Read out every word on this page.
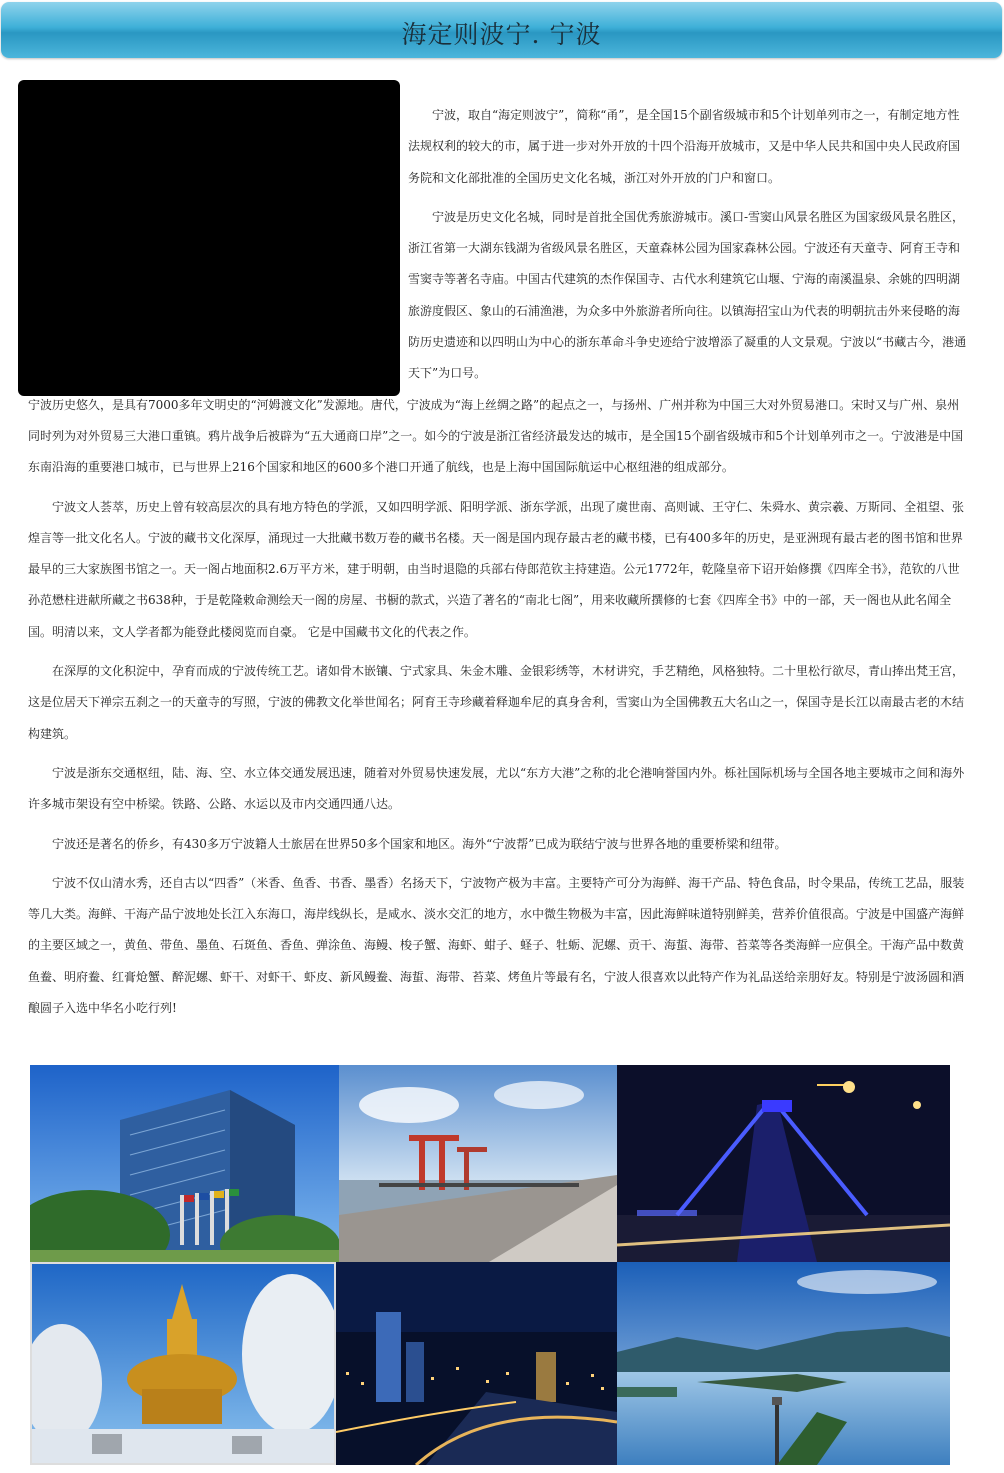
海定则波宁. 宁波

宁波，取自“海定则波宁”，简称“甬”，是全国15个副省级城市和5个计划单列市之一，有制定地方性法规权利的较大的市，属于进一步对外开放的十四个沿海开放城市，又是中华人民共和国中央人民政府国务院和文化部批准的全国历史文化名城，浙江对外开放的门户和窗口。

宁波是历史文化名城，同时是首批全国优秀旅游城市。溪口-雪窦山风景名胜区为国家级风景名胜区，浙江省第一大湖东钱湖为省级风景名胜区，天童森林公园为国家森林公园。宁波还有天童寺、阿育王寺和雪窦寺等著名寺庙。中国古代建筑的杰作保国寺、古代水利建筑它山堰、宁海的南溪温泉、余姚的四明湖旅游度假区、象山的石浦渔港，为众多中外旅游者所向往。以镇海招宝山为代表的明朝抗击外来侵略的海防历史遗迹和以四明山为中心的浙东革命斗争史迹给宁波增添了凝重的人文景观。宁波以“书藏古今，港通天下”为口号。

宁波历史悠久，是具有7000多年文明史的“河姆渡文化”发源地。唐代，宁波成为“海上丝绸之路”的起点之一，与扬州、广州并称为中国三大对外贸易港口。宋时又与广州、泉州同时列为对外贸易三大港口重镇。鸦片战争后被辟为“五大通商口岸”之一。如今的宁波是浙江省经济最发达的城市，是全国15个副省级城市和5个计划单列市之一。宁波港是中国东南沿海的重要港口城市，已与世界上216个国家和地区的600多个港口开通了航线，也是上海中国国际航运中心枢纽港的组成部分。

宁波文人荟萃，历史上曾有较高层次的具有地方特色的学派，又如四明学派、阳明学派、浙东学派，出现了虞世南、高则诚、王守仁、朱舜水、黄宗羲、万斯同、全祖望、张煌言等一批文化名人。宁波的藏书文化深厚，涌现过一大批藏书数万卷的藏书名楼。天一阁是国内现存最古老的藏书楼，已有400多年的历史，是亚洲现有最古老的图书馆和世界最早的三大家族图书馆之一。天一阁占地面积2.6万平方米，建于明朝，由当时退隐的兵部右侍郎范钦主持建造。公元1772年，乾隆皇帝下诏开始修撰《四库全书》，范钦的八世孙范懋柱进献所藏之书638种，于是乾隆敕命测绘天一阁的房屋、书橱的款式，兴造了著名的“南北七阁”，用来收藏所撰修的七套《四库全书》中的一部，天一阁也从此名闻全国。明清以来，文人学者都为能登此楼阅览而自豪。 它是中国藏书文化的代表之作。

在深厚的文化积淀中，孕育而成的宁波传统工艺。诸如骨木嵌镶、宁式家具、朱金木雕、金银彩绣等，木材讲究，手艺精绝，风格独特。二十里松行欲尽，青山捧出梵王宫，这是位居天下禅宗五刹之一的天童寺的写照，宁波的佛教文化举世闻名；阿育王寺珍藏着释迦牟尼的真身舍利，雪窦山为全国佛教五大名山之一，保国寺是长江以南最古老的木结构建筑。

宁波是浙东交通枢纽，陆、海、空、水立体交通发展迅速，随着对外贸易快速发展，尤以“东方大港”之称的北仑港响誉国内外。栎社国际机场与全国各地主要城市之间和海外许多城市架设有空中桥梁。铁路、公路、水运以及市内交通四通八达。

宁波还是著名的侨乡，有430多万宁波籍人士旅居在世界50多个国家和地区。海外“宁波帮”已成为联结宁波与世界各地的重要桥梁和纽带。

宁波不仅山清水秀，还自古以“四香”（米香、鱼香、书香、墨香）名扬天下，宁波物产极为丰富。主要特产可分为海鲜、海干产品、特色食品，时令果品，传统工艺品，服装等几大类。海鲜、干海产品宁波地处长江入东海口，海岸线纵长，是咸水、淡水交汇的地方，水中微生物极为丰富，因此海鲜味道特别鲜美，营养价值很高。宁波是中国盛产海鲜的主要区域之一，黄鱼、带鱼、墨鱼、石斑鱼、香鱼、弹涂鱼、海鳗、梭子蟹、海虾、蚶子、蛏子、牡蛎、泥螺、贡干、海蜇、海带、苔菜等各类海鲜一应俱全。干海产品中数黄鱼鲞、明府鲞、红膏炝蟹、醉泥螺、虾干、对虾干、虾皮、新风鳗鲞、海蜇、海带、苔菜、烤鱼片等最有名，宁波人很喜欢以此特产作为礼品送给亲朋好友。特别是宁波汤圆和酒酿圆子入选中华名小吃行列!
